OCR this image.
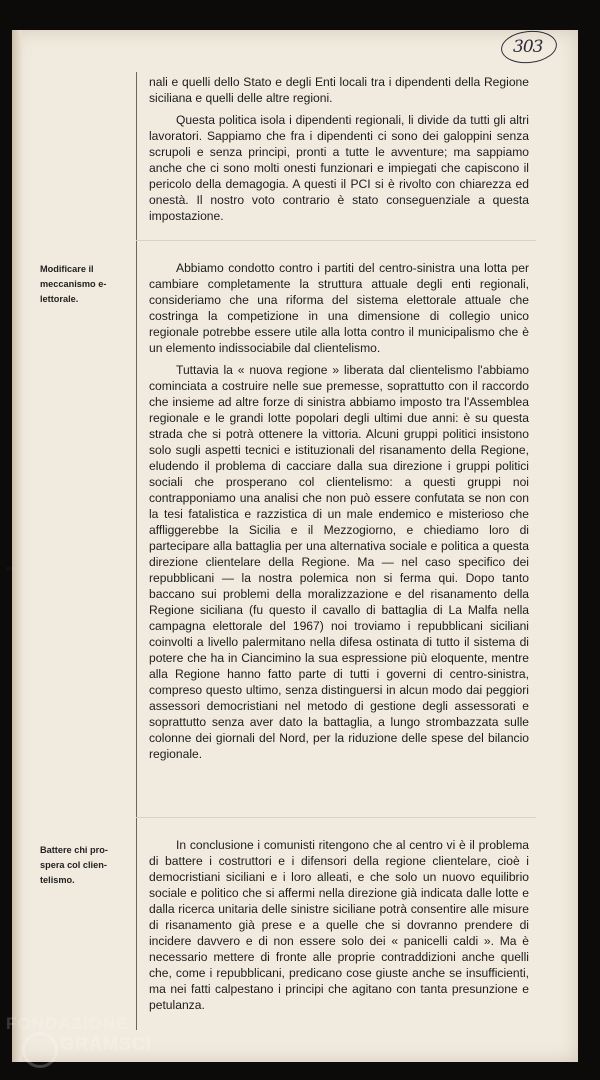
303

nali e quelli dello Stato e degli Enti locali tra i dipendenti della Regione siciliana e quelli delle altre regioni.

Questa politica isola i dipendenti regionali, li divide da tutti gli altri lavoratori. Sappiamo che fra i dipendenti ci sono dei galoppini senza scrupoli e senza principi, pronti a tutte le avventure; ma sappiamo anche che ci sono molti onesti funzionari e impiegati che capiscono il pericolo della demagogia. A questi il PCI si è rivolto con chiarezza ed onestà. Il nostro voto contrario è stato conseguenziale a questa impostazione.

Modificare il meccanismo e-lettorale.

Abbiamo condotto contro i partiti del centro-sinistra una lotta per cambiare completamente la struttura attuale degli enti regionali, consideriamo che una riforma del sistema elettorale attuale che costringa la competizione in una dimensione di collegio unico regionale potrebbe essere utile alla lotta contro il municipalismo che è un elemento indissociabile dal clientelismo.

Tuttavia la « nuova regione » liberata dal clientelismo l'abbiamo cominciata a costruire nelle sue premesse, soprattutto con il raccordo che insieme ad altre forze di sinistra abbiamo imposto tra l'Assemblea regionale e le grandi lotte popolari degli ultimi due anni: è su questa strada che si potrà ottenere la vittoria. Alcuni gruppi politici insistono solo sugli aspetti tecnici e istituzionali del risanamento della Regione, eludendo il problema di cacciare dalla sua direzione i gruppi politici sociali che prosperano col clientelismo: a questi gruppi noi contrapponiamo una analisi che non può essere confutata se non con la tesi fatalistica e razzistica di un male endemico e misterioso che affliggerebbe la Sicilia e il Mezzogiorno, e chiediamo loro di partecipare alla battaglia per una alternativa sociale e politica a questa direzione clientelare della Regione. Ma — nel caso specifico dei repubblicani — la nostra polemica non si ferma qui. Dopo tanto baccano sui problemi della moralizzazione e del risanamento della Regione siciliana (fu questo il cavallo di battaglia di La Malfa nella campagna elettorale del 1967) noi troviamo i repubblicani siciliani coinvolti a livello palermitano nella difesa ostinata di tutto il sistema di potere che ha in Ciancimino la sua espressione più eloquente, mentre alla Regione hanno fatto parte di tutti i governi di centro-sinistra, compreso questo ultimo, senza distinguersi in alcun modo dai peggiori assessori democristiani nel metodo di gestione degli assessorati e soprattutto senza aver dato la battaglia, a lungo strombazzata sulle colonne dei giornali del Nord, per la riduzione delle spese del bilancio regionale.

Battere chi pro-spera col clien-telismo.

In conclusione i comunisti ritengono che al centro vi è il problema di battere i costruttori e i difensori della regione clientelare, cioè i democristiani siciliani e i loro alleati, e che solo un nuovo equilibrio sociale e politico che si affermi nella direzione già indicata dalle lotte e dalla ricerca unitaria delle sinistre siciliane potrà consentire alle misure di risanamento già prese e a quelle che si dovranno prendere di incidere davvero e di non essere solo dei « panicelli caldi ». Ma è necessario mettere di fronte alle proprie contraddizioni anche quelli che, come i repubblicani, predicano cose giuste anche se insufficienti, ma nei fatti calpestano i principi che agitano con tanta presunzione e petulanza.

FONDAZIONE
GRAMSCI
